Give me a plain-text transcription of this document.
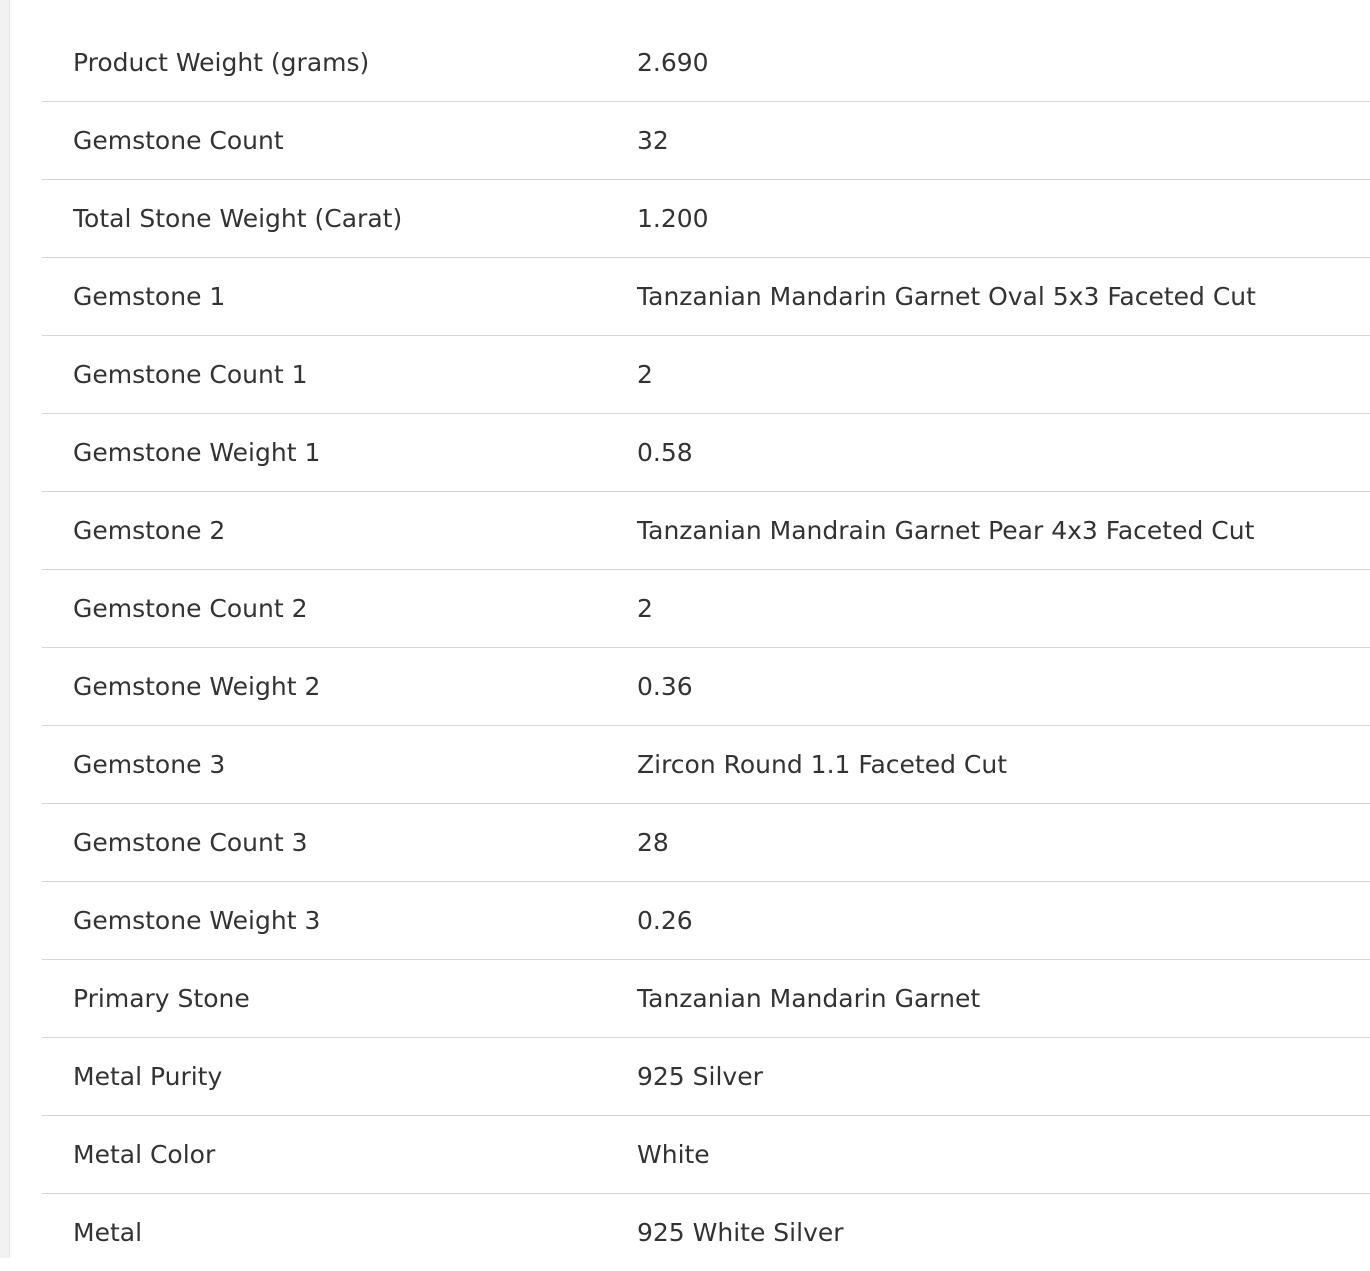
Product Weight (grams)	2.690
Gemstone Count	32
Total Stone Weight (Carat)	1.200
Gemstone 1	Tanzanian Mandarin Garnet Oval 5x3 Faceted Cut
Gemstone Count 1	2
Gemstone Weight 1	0.58
Gemstone 2	Tanzanian Mandrain Garnet Pear 4x3 Faceted Cut
Gemstone Count 2	2
Gemstone Weight 2	0.36
Gemstone 3	Zircon Round 1.1 Faceted Cut
Gemstone Count 3	28
Gemstone Weight 3	0.26
Primary Stone	Tanzanian Mandarin Garnet
Metal Purity	925 Silver
Metal Color	White
Metal	925 White Silver
